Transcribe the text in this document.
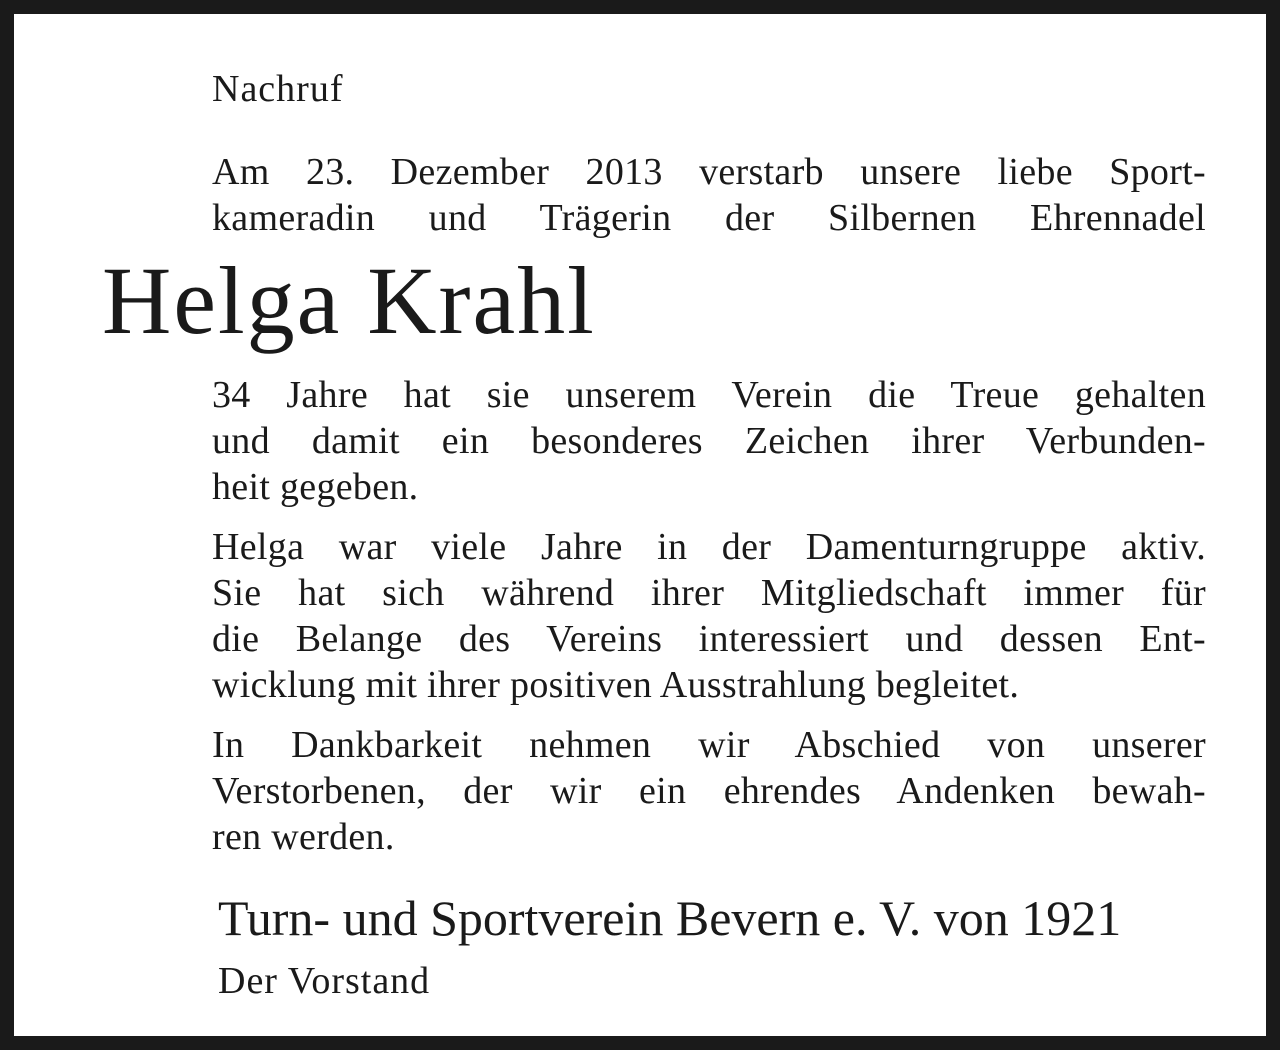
Nachruf

Am 23. Dezember 2013 verstarb unsere liebe Sport-
kameradin und Trägerin der Silbernen Ehrennadel

Helga Krahl

34 Jahre hat sie unserem Verein die Treue gehalten
und damit ein besonderes Zeichen ihrer Verbunden-
heit gegeben.
Helga war viele Jahre in der Damenturngruppe aktiv.
Sie hat sich während ihrer Mitgliedschaft immer für
die Belange des Vereins interessiert und dessen Ent-
wicklung mit ihrer positiven Ausstrahlung begleitet.
In Dankbarkeit nehmen wir Abschied von unserer
Verstorbenen, der wir ein ehrendes Andenken bewah-
ren werden.

Turn- und Sportverein Bevern e. V. von 1921

Der Vorstand
